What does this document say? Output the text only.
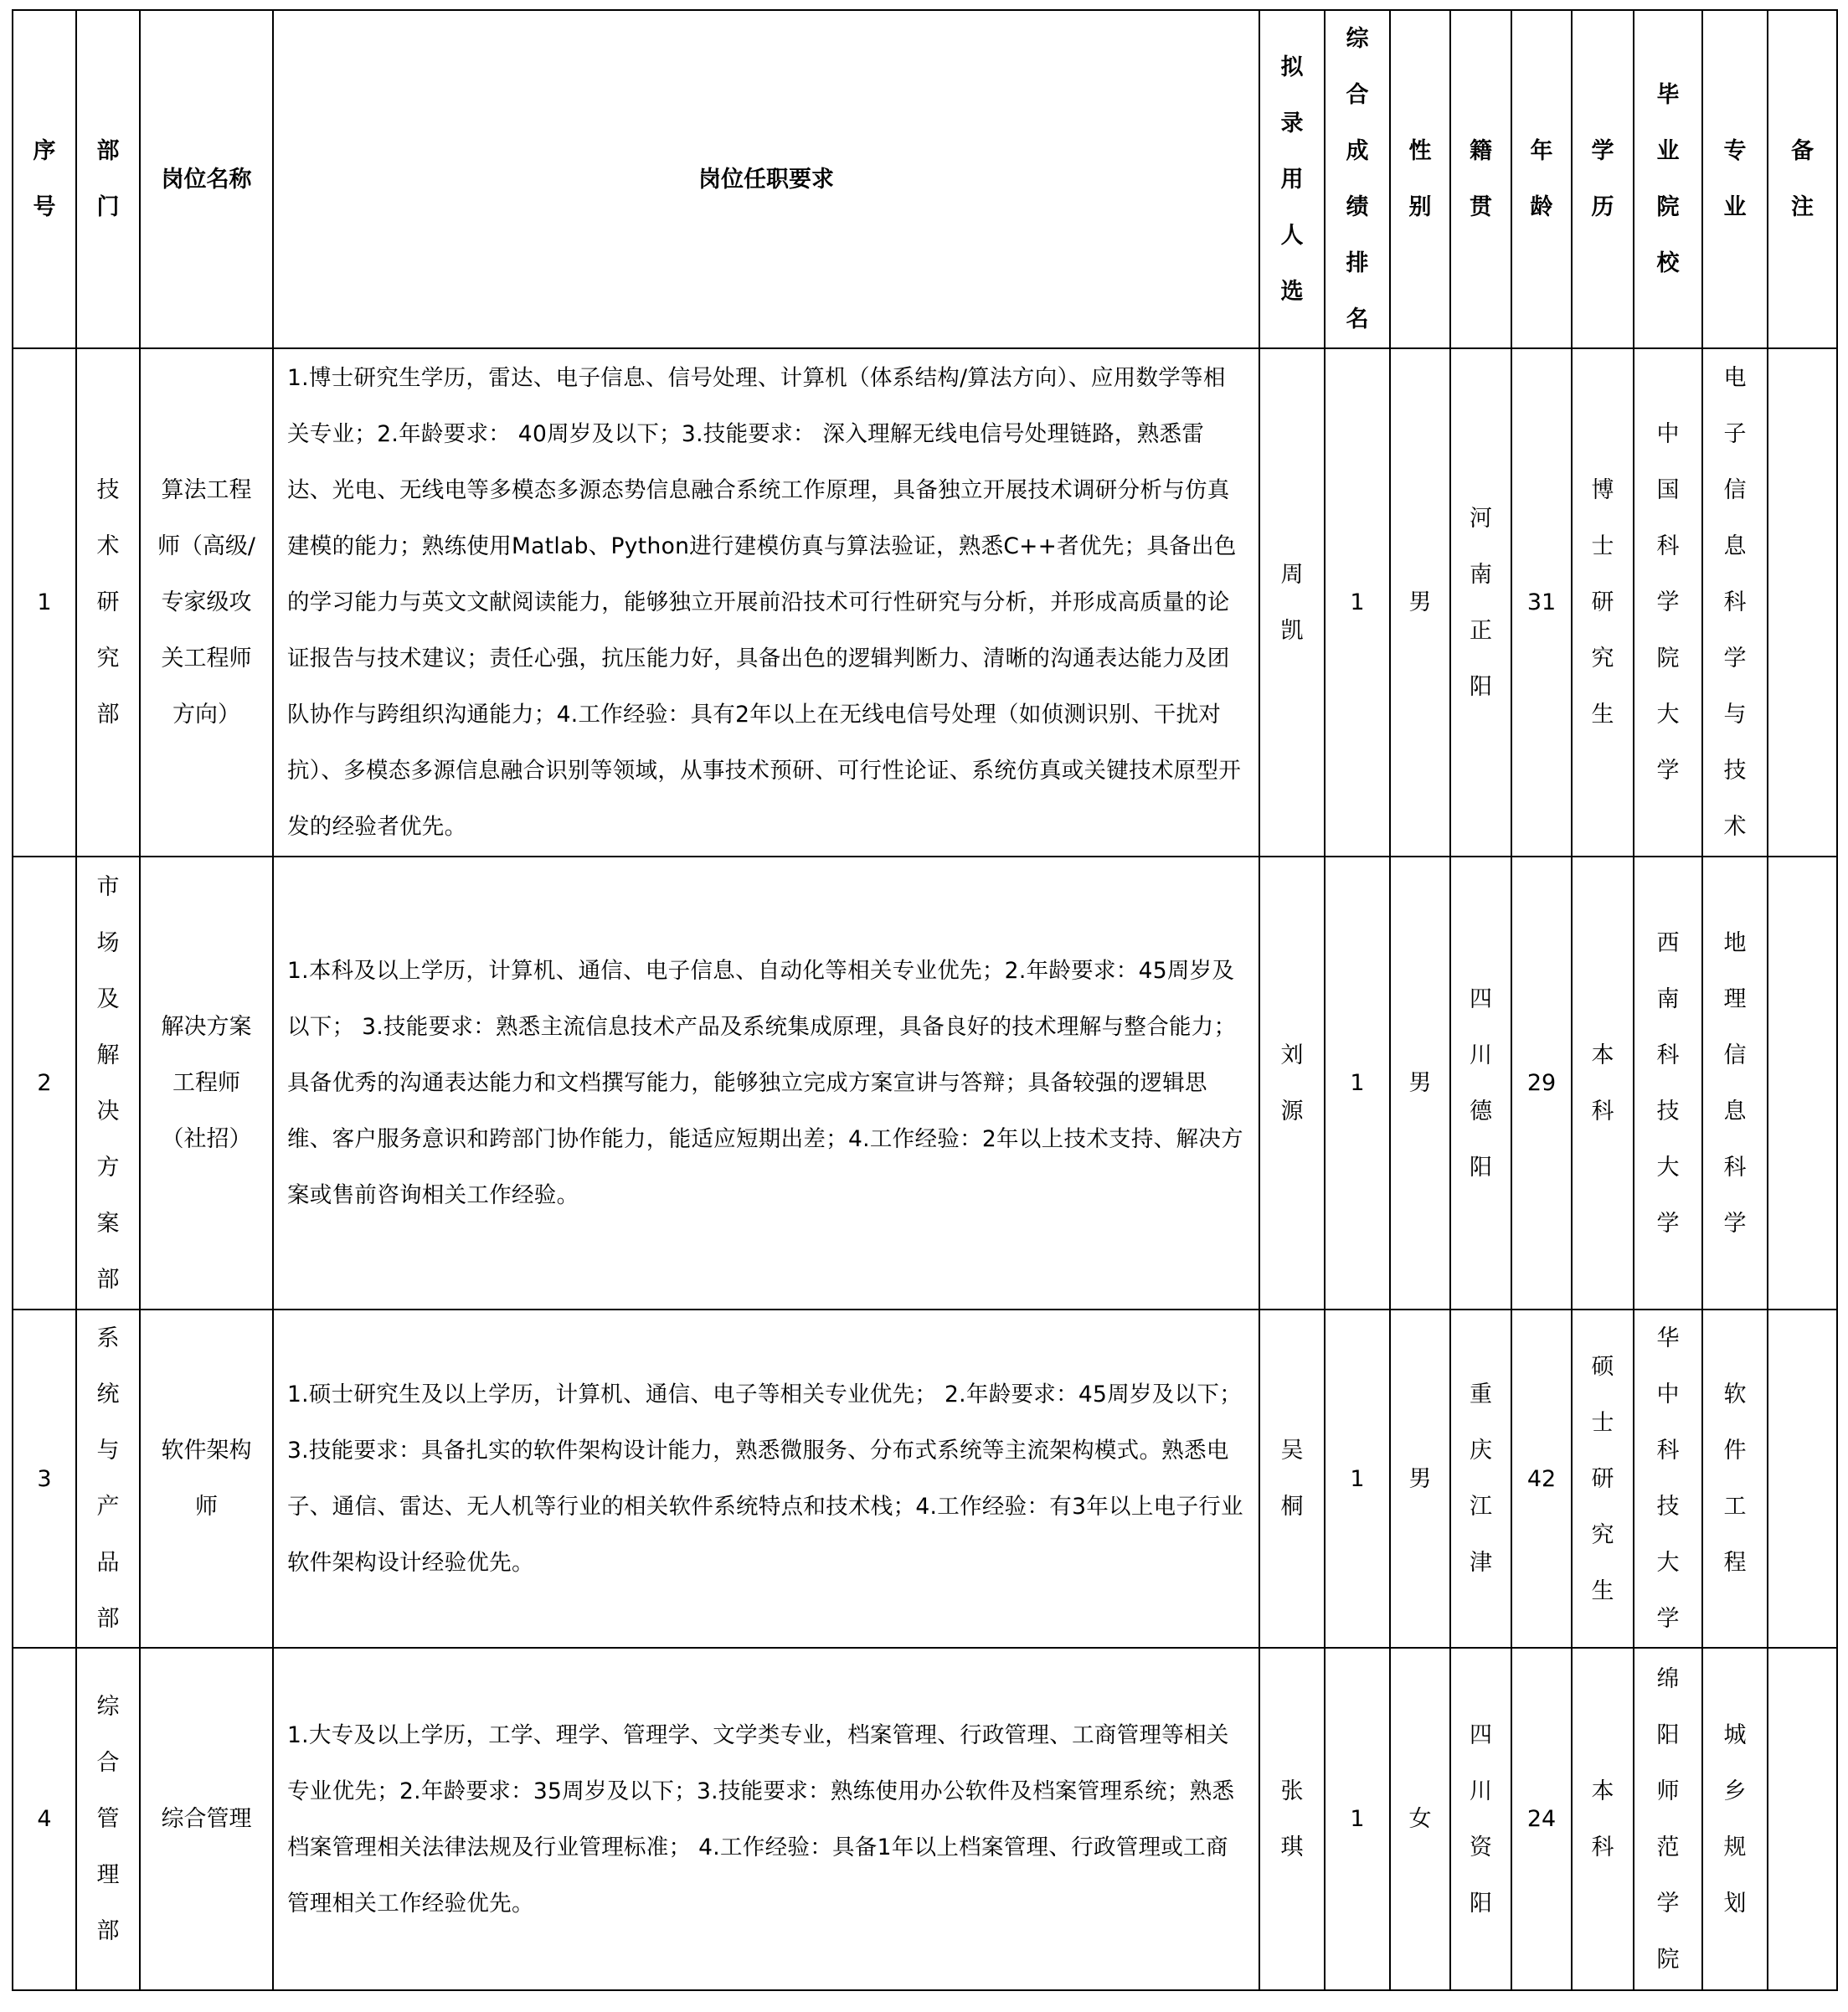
序号	部门	岗位名称	岗位任职要求	拟录用人选	综合成绩排名	性别	籍贯	年龄	学历	毕业院校	专业	备注
1	技术研究部	算法工程师（高级/专家级攻关工程师方向）	1.博士研究生学历，雷达、电子信息、信号处理、计算机（体系结构/算法方向）、应用数学等相关专业；2.年龄要求： 40周岁及以下；3.技能要求： 深入理解无线电信号处理链路，熟悉雷达、光电、无线电等多模态多源态势信息融合系统工作原理，具备独立开展技术调研分析与仿真建模的能力；熟练使用Matlab、Python进行建模仿真与算法验证，熟悉C++者优先；具备出色的学习能力与英文文献阅读能力，能够独立开展前沿技术可行性研究与分析，并形成高质量的论证报告与技术建议；责任心强，抗压能力好，具备出色的逻辑判断力、清晰的沟通表达能力及团队协作与跨组织沟通能力；4.工作经验：具有2年以上在无线电信号处理（如侦测识别、干扰对抗）、多模态多源信息融合识别等领域，从事技术预研、可行性论证、系统仿真或关键技术原型开发的经验者优先。	周凯	1	男	河南正阳	31	博士研究生	中国科学院大学	电子信息科学与技术	
2	市场及解决方案部	解决方案工程师（社招）	1.本科及以上学历，计算机、通信、电子信息、自动化等相关专业优先；2.年龄要求：45周岁及以下； 3.技能要求：熟悉主流信息技术产品及系统集成原理，具备良好的技术理解与整合能力；具备优秀的沟通表达能力和文档撰写能力，能够独立完成方案宣讲与答辩；具备较强的逻辑思维、客户服务意识和跨部门协作能力，能适应短期出差；4.工作经验：2年以上技术支持、解决方案或售前咨询相关工作经验。	刘源	1	男	四川德阳	29	本科	西南科技大学	地理信息科学	
3	系统与产品部	软件架构师	1.硕士研究生及以上学历，计算机、通信、电子等相关专业优先； 2.年龄要求：45周岁及以下； 3.技能要求：具备扎实的软件架构设计能力，熟悉微服务、分布式系统等主流架构模式。熟悉电子、通信、雷达、无人机等行业的相关软件系统特点和技术栈；4.工作经验：有3年以上电子行业软件架构设计经验优先。	吴桐	1	男	重庆江津	42	硕士研究生	华中科技大学	软件工程	
4	综合管理部	综合管理	1.大专及以上学历，工学、理学、管理学、文学类专业，档案管理、行政管理、工商管理等相关专业优先；2.年龄要求：35周岁及以下；3.技能要求：熟练使用办公软件及档案管理系统；熟悉档案管理相关法律法规及行业管理标准； 4.工作经验：具备1年以上档案管理、行政管理或工商管理相关工作经验优先。	张琪	1	女	四川资阳	24	本科	绵阳师范学院	城乡规划	
